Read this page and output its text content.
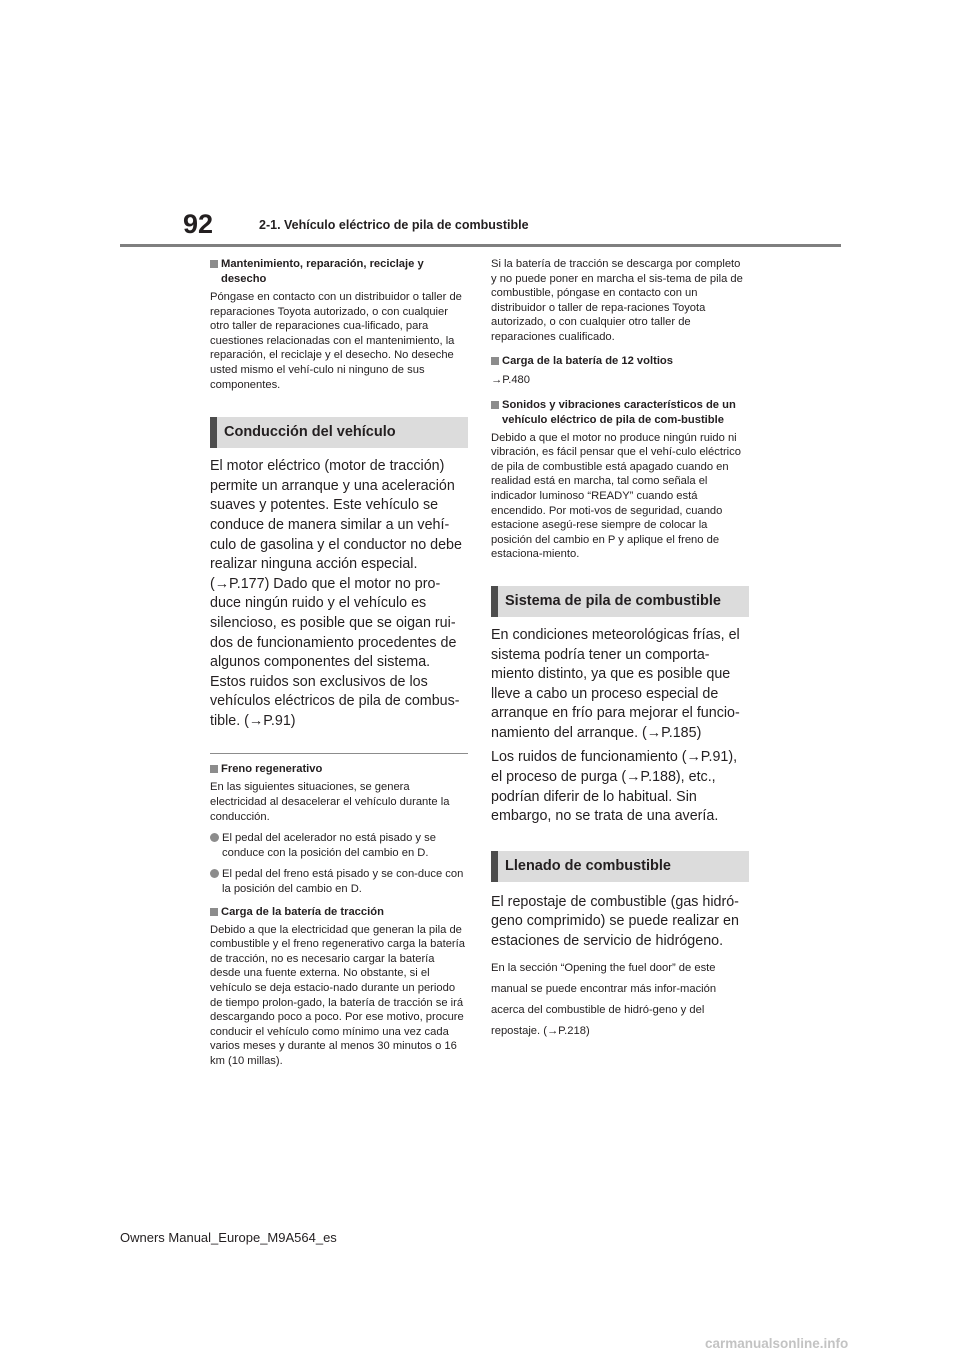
92	2-1. Vehículo eléctrico de pila de combustible
Mantenimiento, reparación, reciclaje y desecho
Póngase en contacto con un distribuidor o taller de reparaciones Toyota autorizado, o con cualquier otro taller de reparaciones cua-lificado, para cuestiones relacionadas con el mantenimiento, la reparación, el reciclaje y el desecho. No deseche usted mismo el vehí-culo ni ninguno de sus componentes.
Conducción del vehículo
El motor eléctrico (motor de tracción) permite un arranque y una aceleración suaves y potentes. Este vehículo se conduce de manera similar a un vehí-culo de gasolina y el conductor no debe realizar ninguna acción especial. (→P.177) Dado que el motor no pro-duce ningún ruido y el vehículo es silencioso, es posible que se oigan rui-dos de funcionamiento procedentes de algunos componentes del sistema. Estos ruidos son exclusivos de los vehículos eléctricos de pila de combus-tible. (→P.91)
Freno regenerativo
En las siguientes situaciones, se genera electricidad al desacelerar el vehículo durante la conducción.
El pedal del acelerador no está pisado y se conduce con la posición del cambio en D.
El pedal del freno está pisado y se con-duce con la posición del cambio en D.
Carga de la batería de tracción
Debido a que la electricidad que generan la pila de combustible y el freno regenerativo carga la batería de tracción, no es necesario cargar la batería desde una fuente externa. No obstante, si el vehículo se deja estacio-nado durante un periodo de tiempo prolon-gado, la batería de tracción se irá descargando poco a poco. Por ese motivo, procure conducir el vehículo como mínimo una vez cada varios meses y durante al menos 30 minutos o 16 km (10 millas).
Si la batería de tracción se descarga por completo y no puede poner en marcha el sis-tema de pila de combustible, póngase en contacto con un distribuidor o taller de repa-raciones Toyota autorizado, o con cualquier otro taller de reparaciones cualificado.
Carga de la batería de 12 voltios
→P.480
Sonidos y vibraciones característicos de un vehículo eléctrico de pila de com-bustible
Debido a que el motor no produce ningún ruido ni vibración, es fácil pensar que el vehí-culo eléctrico de pila de combustible está apagado cuando en realidad está en marcha, tal como señala el indicador luminoso “READY” cuando está encendido. Por moti-vos de seguridad, cuando estacione asegú-rese siempre de colocar la posición del cambio en P y aplique el freno de estaciona-miento.
Sistema de pila de combustible
En condiciones meteorológicas frías, el sistema podría tener un comporta-miento distinto, ya que es posible que lleve a cabo un proceso especial de arranque en frío para mejorar el funcio-namiento del arranque. (→P.185)
Los ruidos de funcionamiento (→P.91), el proceso de purga (→P.188), etc., podrían diferir de lo habitual. Sin embargo, no se trata de una avería.
Llenado de combustible
El repostaje de combustible (gas hidró-geno comprimido) se puede realizar en estaciones de servicio de hidrógeno.
En la sección “Opening the fuel door” de este manual se puede encontrar más infor-mación acerca del combustible de hidró-geno y del repostaje. (→P.218)
Owners Manual_Europe_M9A564_es
carmanualsonline.info
